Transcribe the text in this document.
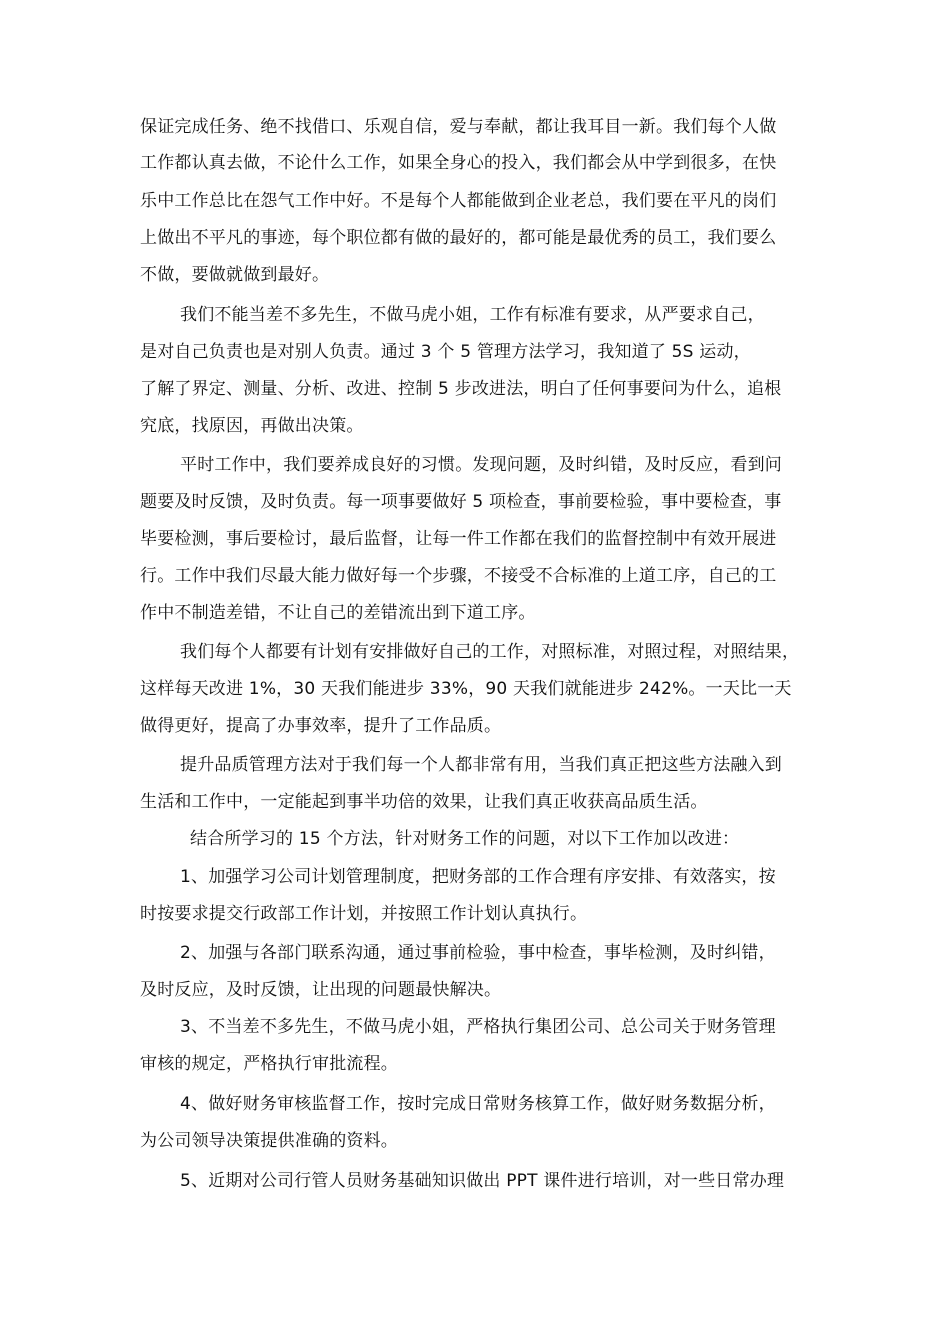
保证完成任务、绝不找借口、乐观自信，爱与奉献，都让我耳目一新。我们每个人做
工作都认真去做，不论什么工作，如果全身心的投入，我们都会从中学到很多，在快
乐中工作总比在怨气工作中好。不是每个人都能做到企业老总，我们要在平凡的岗们
上做出不平凡的事迹，每个职位都有做的最好的，都可能是最优秀的员工，我们要么
不做，要做就做到最好。
我们不能当差不多先生，不做马虎小姐，工作有标准有要求，从严要求自己，
是对自己负责也是对别人负责。通过 3 个 5 管理方法学习，我知道了 5S 运动，
了解了界定、测量、分析、改进、控制 5 步改进法，明白了任何事要问为什么，追根
究底，找原因，再做出决策。
平时工作中，我们要养成良好的习惯。发现问题，及时纠错，及时反应，看到问
题要及时反馈，及时负责。每一项事要做好 5 项检查，事前要检验，事中要检查，事
毕要检测，事后要检讨，最后监督，让每一件工作都在我们的监督控制中有效开展进
行。工作中我们尽最大能力做好每一个步骤，不接受不合标准的上道工序，自己的工
作中不制造差错，不让自己的差错流出到下道工序。
我们每个人都要有计划有安排做好自己的工作，对照标准，对照过程，对照结果，
这样每天改进 1%，30 天我们能进步 33%，90 天我们就能进步 242%。一天比一天
做得更好，提高了办事效率，提升了工作品质。
提升品质管理方法对于我们每一个人都非常有用，当我们真正把这些方法融入到
生活和工作中，一定能起到事半功倍的效果，让我们真正收获高品质生活。
结合所学习的 15 个方法，针对财务工作的问题，对以下工作加以改进：
1、加强学习公司计划管理制度，把财务部的工作合理有序安排、有效落实，按
时按要求提交行政部工作计划，并按照工作计划认真执行。
2、加强与各部门联系沟通，通过事前检验，事中检查，事毕检测，及时纠错，
及时反应，及时反馈，让出现的问题最快解决。
3、不当差不多先生，不做马虎小姐，严格执行集团公司、总公司关于财务管理
审核的规定，严格执行审批流程。
4、做好财务审核监督工作，按时完成日常财务核算工作，做好财务数据分析，
为公司领导决策提供准确的资料。
5、近期对公司行管人员财务基础知识做出 PPT 课件进行培训，对一些日常办理
